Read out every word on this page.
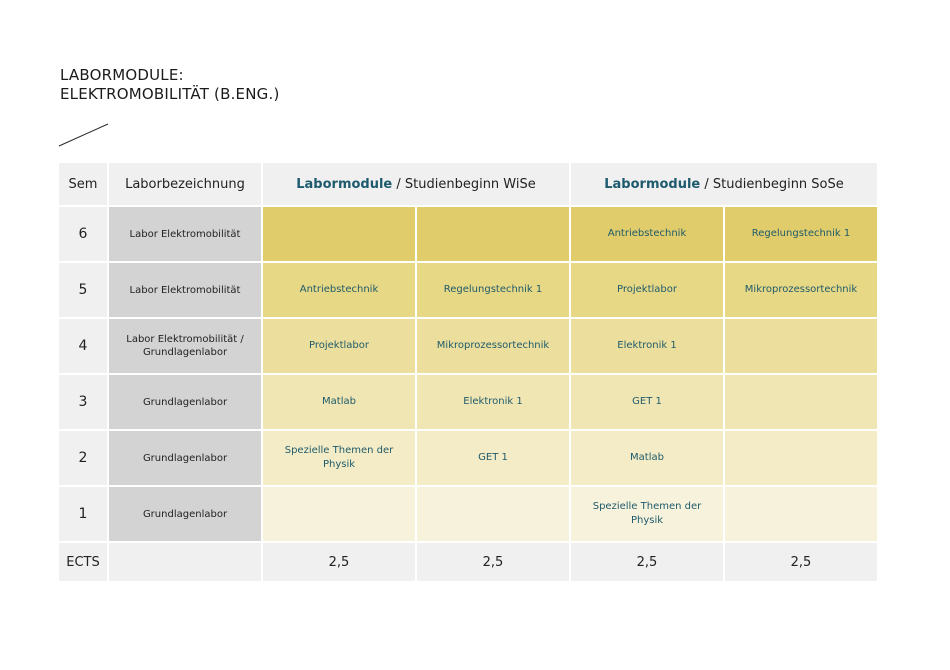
LABORMODULE:
ELEKTROMOBILITÄT (B.ENG.)
Sem	Laborbezeichnung	Labormodule / Studienbeginn WiSe		Labormodule / Studienbeginn SoSe	
6	Labor Elektromobilität			Antriebstechnik	Regelungstechnik 1
5	Labor Elektromobilität	Antriebstechnik	Regelungstechnik 1	Projektlabor	Mikroprozessortechnik
4	Labor Elektromobilität /
Grundlagenlabor	Projektlabor	Mikroprozessortechnik	Elektronik 1	
3	Grundlagenlabor	Matlab	Elektronik 1	GET 1	
2	Grundlagenlabor	Spezielle Themen der Physik	GET 1	Matlab	
1	Grundlagenlabor			Spezielle Themen der Physik	
ECTS		2,5	2,5	2,5	2,5
